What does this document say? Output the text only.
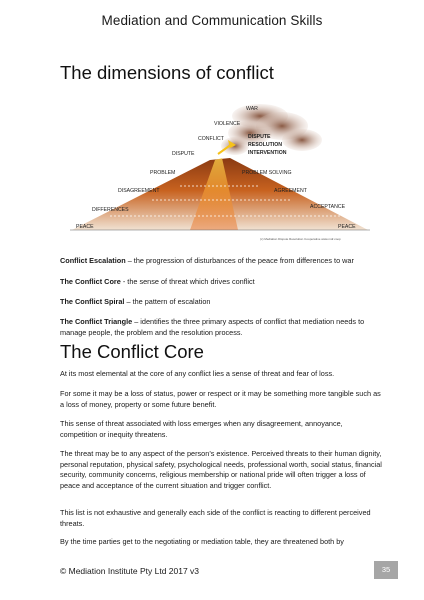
Mediation and Communication Skills
The dimensions of conflict
WAR
VIOLENCE
CONFLICT
DISPUTE
PROBLEM
DISAGREEMENT
DIFFERENCES
PEACE
PROBLEM SOLVING
AGREEMENT
ACCEPTANCE
PEACE
DISPUTE
RESOLUTION
INTERVENTION
(c) Mediation Dispute Resolution Cooperative www.mdr.coop

Conflict Escalation – the progression of disturbances of the peace from differences to war

The Conflict Core - the sense of threat which drives conflict

The Conflict Spiral – the pattern of escalation

The Conflict Triangle – identifies the three primary aspects of conflict that mediation needs to manage people, the problem and the resolution process.

The Conflict Core

At its most elemental at the core of any conflict lies a sense of threat and fear of loss.

For some it may be a loss of status, power or respect or it may be something more tangible such as a loss of money, property or some future benefit.

This sense of threat associated with loss emerges when any disagreement, annoyance, competition or inequity threatens.

The threat may be to any aspect of the person’s existence. Perceived threats to their human dignity, personal reputation, physical safety, psychological needs, professional worth, social status, financial security, community concerns, religious membership or national pride will often trigger a loss of peace and acceptance of the current situation and trigger conflict.

This list is not exhaustive and generally each side of the conflict is reacting to different perceived threats.

By the time parties get to the negotiating or mediation table, they are threatened both by

© Mediation Institute Pty Ltd 2017 v3	35
